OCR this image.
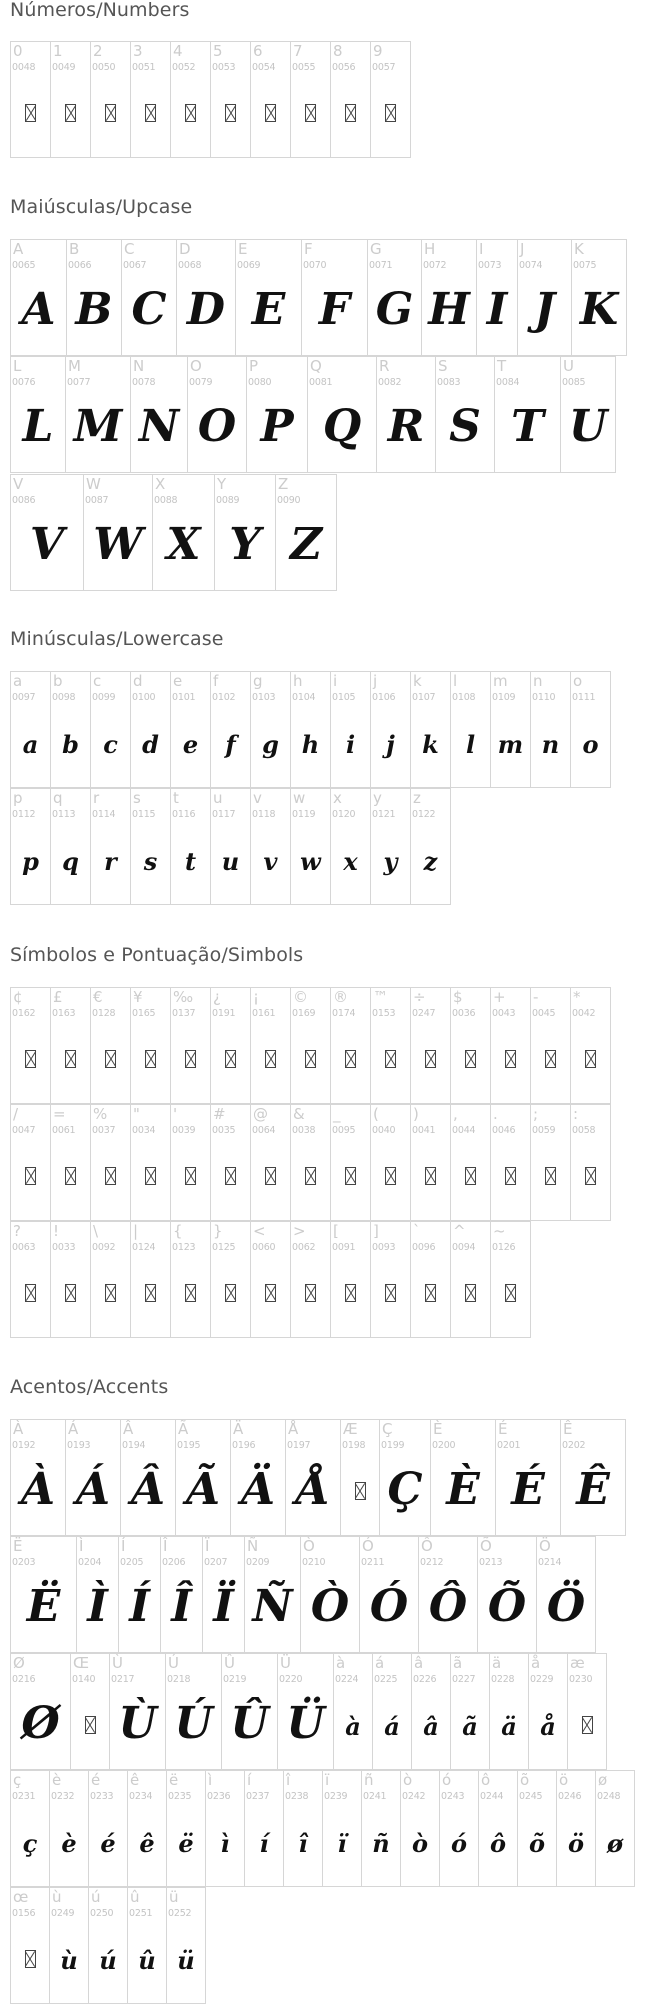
Números/Numbers
Maiúsculas/Upcase
Minúsculas/Lowercase
Símbolos e Pontuação/Simbols
Acentos/Accents
0
0048
1
0049
2
0050
3
0051
4
0052
5
0053
6
0054
7
0055
8
0056
9
0057
A
0065
A
B
0066
B
C
0067
C
D
0068
D
E
0069
E
F
0070
F
G
0071
G
H
0072
H
I
0073
I
J
0074
J
K
0075
K
L
0076
L
M
0077
M
N
0078
N
O
0079
O
P
0080
P
Q
0081
Q
R
0082
R
S
0083
S
T
0084
T
U
0085
U
V
0086
V
W
0087
W
X
0088
X
Y
0089
Y
Z
0090
Z
a
0097
a
b
0098
b
c
0099
c
d
0100
d
e
0101
e
f
0102
f
g
0103
g
h
0104
h
i
0105
i
j
0106
j
k
0107
k
l
0108
l
m
0109
m
n
0110
n
o
0111
o
p
0112
p
q
0113
q
r
0114
r
s
0115
s
t
0116
t
u
0117
u
v
0118
v
w
0119
w
x
0120
x
y
0121
y
z
0122
z
¢
0162
£
0163
€
0128
¥
0165
‰
0137
¿
0191
¡
0161
©
0169
®
0174
™
0153
÷
0247
$
0036
+
0043
-
0045
*
0042
/
0047
=
0061
%
0037
"
0034
'
0039
#
0035
@
0064
&
0038
_
0095
(
0040
)
0041
,
0044
.
0046
;
0059
:
0058
?
0063
!
0033
\
0092
|
0124
{
0123
}
0125
<
0060
>
0062
[
0091
]
0093
`
0096
^
0094
~
0126
À
0192
À
Á
0193
Á
Â
0194
Â
Ã
0195
Ã
Ä
0196
Ä
Å
0197
Å
Æ
0198
Ç
0199
Ç
È
0200
È
É
0201
É
Ê
0202
Ê
Ë
0203
Ë
Ì
0204
Ì
Í
0205
Í
Î
0206
Î
Ï
0207
Ï
Ñ
0209
Ñ
Ò
0210
Ò
Ó
0211
Ó
Ô
0212
Ô
Õ
0213
Õ
Ö
0214
Ö
Ø
0216
Ø
Œ
0140
Ù
0217
Ù
Ú
0218
Ú
Û
0219
Û
Ü
0220
Ü
à
0224
à
á
0225
á
â
0226
â
ã
0227
ã
ä
0228
ä
å
0229
å
æ
0230
ç
0231
ç
è
0232
è
é
0233
é
ê
0234
ê
ë
0235
ë
ì
0236
ì
í
0237
í
î
0238
î
ï
0239
ï
ñ
0241
ñ
ò
0242
ò
ó
0243
ó
ô
0244
ô
õ
0245
õ
ö
0246
ö
ø
0248
ø
œ
0156
ù
0249
ù
ú
0250
ú
û
0251
û
ü
0252
ü
